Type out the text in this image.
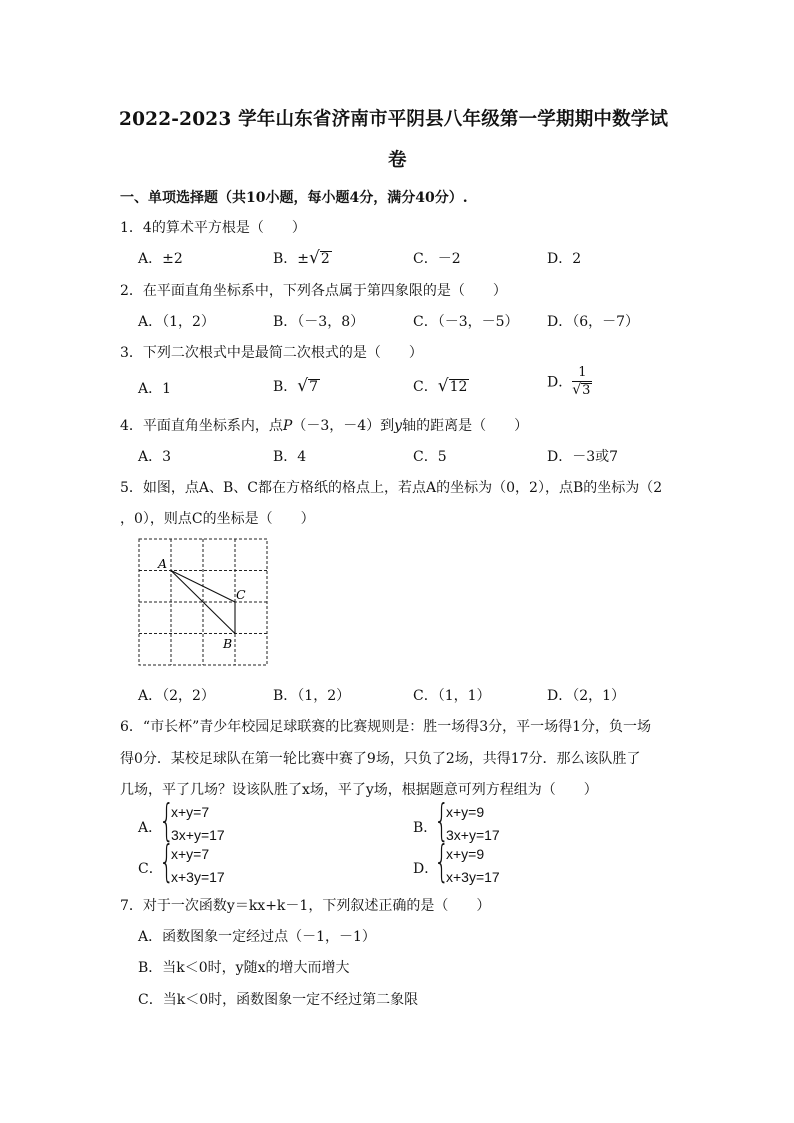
2022-2023 学年山东省济南市平阴县八年级第一学期期中数学试
卷
一、单项选择题（共10小题，每小题4分，满分40分）.
1．4的算术平方根是（　　）
A．±2	B．±√2	C．－2	D．2
2．在平面直角坐标系中，下列各点属于第四象限的是（　　）
A．（1，2）	B．（－3，8）	C．（－3，－5） D．（6，－7）
3．下列二次根式中是最简二次根式的是（　　）
A．1	B．√7	C．√12	D． $\frac{1}{√3}$
4．平面直角坐标系内，点P（－3，－4）到y轴的距离是（　　）
A．3	B．4	C．5	D．－3或7
5．如图，点A、B、C都在方格纸的格点上，若点A的坐标为（0，2），点B的坐标为（2
，0），则点C的坐标是（　　）
A
C
B
A．（2，2）	B．（1，2）	C．（1，1）	D．（2，1）
6．“市长杯”青少年校园足球联赛的比赛规则是：胜一场得3分，平一场得1分，负一场
得0分．某校足球队在第一轮比赛中赛了9场，只负了2场，共得17分．那么该队胜了
几场，平了几场？设该队胜了x场，平了y场，根据题意可列方程组为（　　）
A．
{
x+y=7
3x+y=17	B．
{
x+y=9
3x+y=17
C．
{
x+y=7
x+3y=17	D．
{
x+y=9
x+3y=17
7．对于一次函数y＝kx+k－1，下列叙述正确的是（　　）
A．函数图象一定经过点（－1，－1）
B．当k＜0时，y随x的增大而增大
C．当k＜0时，函数图象一定不经过第二象限
